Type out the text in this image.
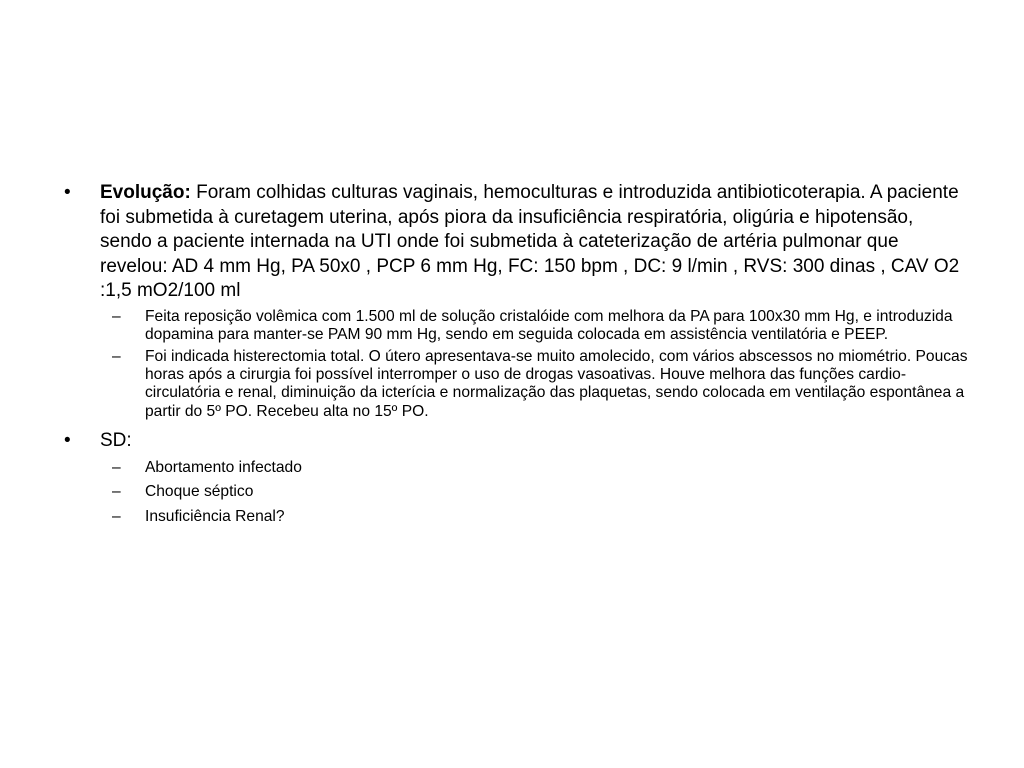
• Evolução: Foram colhidas culturas vaginais, hemoculturas e introduzida antibioticoterapia. A paciente foi submetida à curetagem uterina, após piora da insuficiência respiratória, oligúria e hipotensão, sendo a paciente internada na UTI onde foi submetida à cateterização de artéria pulmonar que revelou: AD 4 mm Hg, PA 50x0 , PCP 6 mm Hg, FC: 150 bpm , DC: 9 l/min , RVS: 300 dinas , CAV O2 :1,5 mO2/100 ml
– Feita reposição volêmica com 1.500 ml de solução cristalóide com melhora da PA para 100x30 mm Hg, e introduzida dopamina para manter-se PAM 90 mm Hg, sendo em seguida colocada em assistência ventilatória e PEEP.
– Foi indicada histerectomia total. O útero apresentava-se muito amolecido, com vários abscessos no miométrio. Poucas horas após a cirurgia foi possível interromper o uso de drogas vasoativas. Houve melhora das funções cardio-circulatória e renal, diminuição da icterícia e normalização das plaquetas, sendo colocada em ventilação espontânea a partir do 5º PO. Recebeu alta no 15º PO.
• SD:
– Abortamento infectado
– Choque séptico
– Insuficiência Renal?
